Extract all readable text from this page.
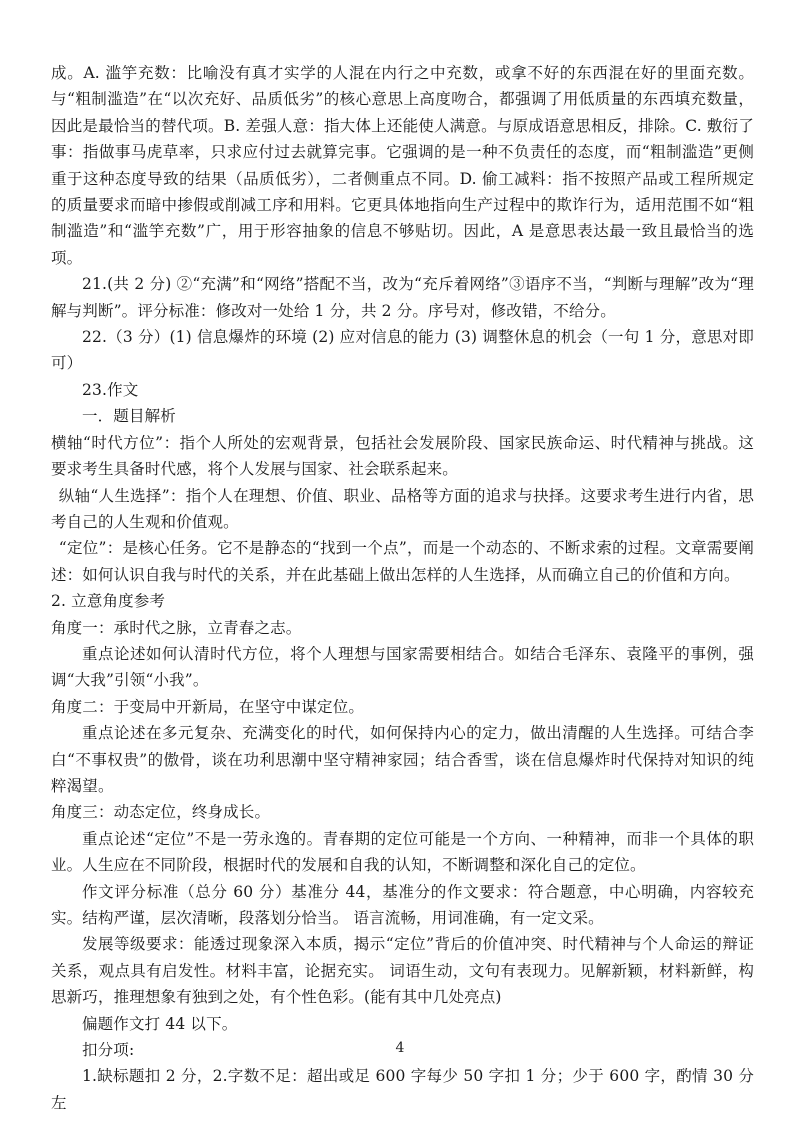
成。A. 滥竽充数：比喻没有真才实学的人混在内行之中充数，或拿不好的东西混在好的里面充数。与“粗制滥造”在“以次充好、品质低劣”的核心意思上高度吻合，都强调了用低质量的东西填充数量，因此是最恰当的替代项。B. 差强人意：指大体上还能使人满意。与原成语意思相反，排除。C. 敷衍了事：指做事马虎草率，只求应付过去就算完事。它强调的是一种不负责任的态度，而“粗制滥造”更侧重于这种态度导致的结果（品质低劣），二者侧重点不同。D. 偷工减料：指不按照产品或工程所规定的质量要求而暗中掺假或削减工序和用料。它更具体地指向生产过程中的欺诈行为，适用范围不如“粗制滥造”和“滥竽充数”广，用于形容抽象的信息不够贴切。因此，A 是意思表达最一致且最恰当的选项。

21.(共 2 分) ②“充满”和“网络”搭配不当，改为“充斥着网络”③语序不当，“判断与理解”改为“理解与判断”。评分标准：修改对一处给 1 分，共 2 分。序号对，修改错，不给分。

22.（3 分）(1) 信息爆炸的环境 (2) 应对信息的能力 (3) 调整休息的机会（一句 1 分，意思对即可）

23.作文

一．题目解析

横轴“时代方位”：指个人所处的宏观背景，包括社会发展阶段、国家民族命运、时代精神与挑战。这要求考生具备时代感，将个人发展与国家、社会联系起来。

纵轴“人生选择”：指个人在理想、价值、职业、品格等方面的追求与抉择。这要求考生进行内省，思考自己的人生观和价值观。

“定位”：是核心任务。它不是静态的“找到一个点”，而是一个动态的、不断求索的过程。文章需要阐述：如何认识自我与时代的关系，并在此基础上做出怎样的人生选择，从而确立自己的价值和方向。

2. 立意角度参考

角度一：承时代之脉，立青春之志。

重点论述如何认清时代方位，将个人理想与国家需要相结合。如结合毛泽东、袁隆平的事例，强调“大我”引领“小我”。

角度二：于变局中开新局，在坚守中谋定位。

重点论述在多元复杂、充满变化的时代，如何保持内心的定力，做出清醒的人生选择。可结合李白“不事权贵”的傲骨，谈在功利思潮中坚守精神家园；结合香雪，谈在信息爆炸时代保持对知识的纯粹渴望。

角度三：动态定位，终身成长。

重点论述“定位”不是一劳永逸的。青春期的定位可能是一个方向、一种精神，而非一个具体的职业。人生应在不同阶段，根据时代的发展和自我的认知，不断调整和深化自己的定位。

作文评分标准（总分 60 分）基准分 44，基准分的作文要求：符合题意，中心明确，内容较充实。结构严谨，层次清晰，段落划分恰当。 语言流畅，用词准确，有一定文采。

发展等级要求：能透过现象深入本质，揭示“定位”背后的价值冲突、时代精神与个人命运的辩证关系，观点具有启发性。材料丰富，论据充实。 词语生动，文句有表现力。见解新颖，材料新鲜，构思新巧，推理想象有独到之处，有个性色彩。(能有其中几处亮点)

偏题作文打 44 以下。

扣分项:

1.缺标题扣 2 分，2.字数不足：超出或足 600 字每少 50 字扣 1 分；少于 600 字，酌情 30 分左

4
